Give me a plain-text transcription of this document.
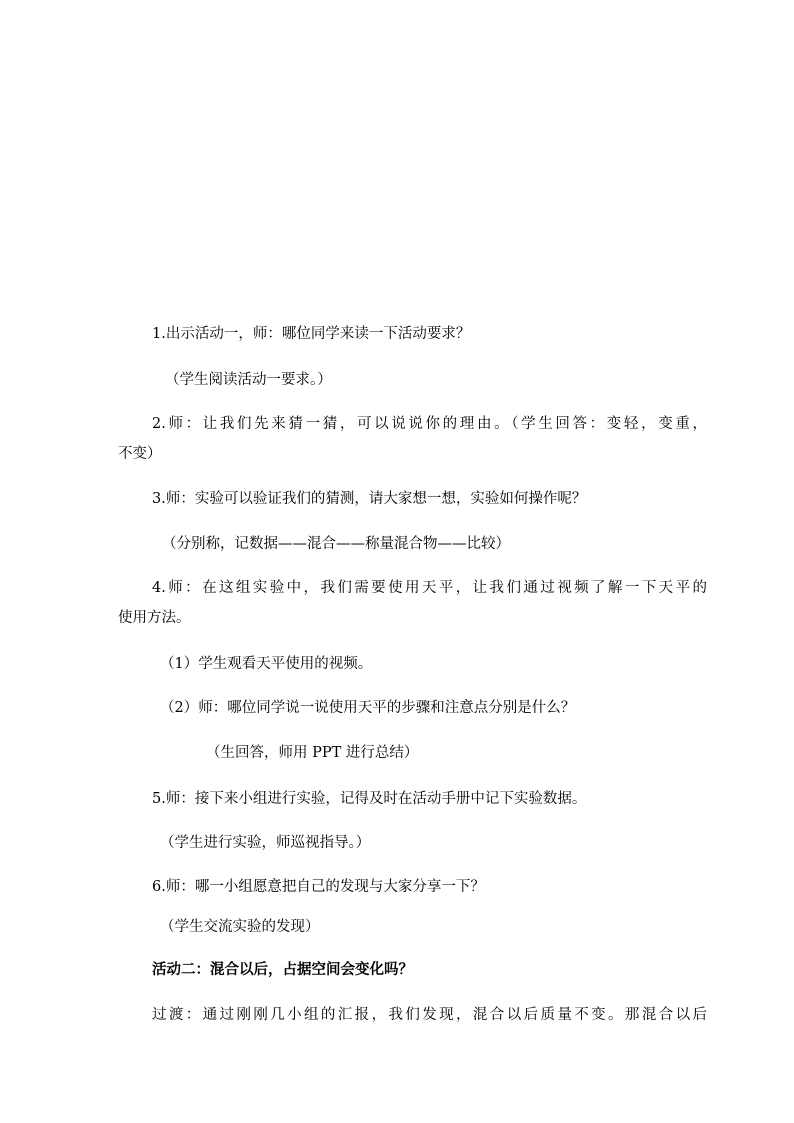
1.出示活动一，师：哪位同学来读一下活动要求？
（学生阅读活动一要求。）
2.师：让我们先来猜一猜，可以说说你的理由。（学生回答：变轻，变重，
不变）
3.师：实验可以验证我们的猜测，请大家想一想，实验如何操作呢？
（分别称，记数据——混合——称量混合物——比较）
4.师：在这组实验中，我们需要使用天平，让我们通过视频了解一下天平的
使用方法。
（1）学生观看天平使用的视频。
（2）师：哪位同学说一说使用天平的步骤和注意点分别是什么？
（生回答，师用 PPT 进行总结）
5.师：接下来小组进行实验，记得及时在活动手册中记下实验数据。
（学生进行实验，师巡视指导。）
6.师：哪一小组愿意把自己的发现与大家分享一下？
（学生交流实验的发现）
活动二：混合以后，占据空间会变化吗？
过渡：通过刚刚几小组的汇报，我们发现，混合以后质量不变。那混合以后
